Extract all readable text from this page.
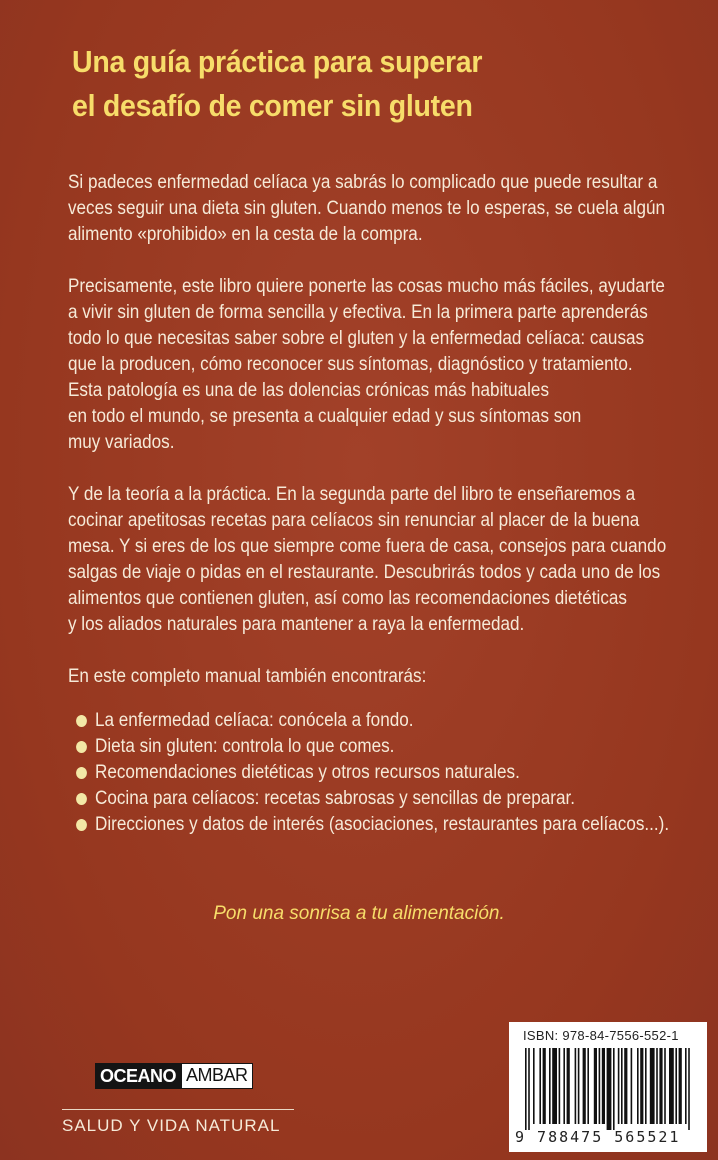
Una guía práctica para superar
el desafío de comer sin gluten

Si padeces enfermedad celíaca ya sabrás lo complicado que puede resultar a
veces seguir una dieta sin gluten. Cuando menos te lo esperas, se cuela algún
alimento «prohibido» en la cesta de la compra.

Precisamente, este libro quiere ponerte las cosas mucho más fáciles, ayudarte
a vivir sin gluten de forma sencilla y efectiva. En la primera parte aprenderás
todo lo que necesitas saber sobre el gluten y la enfermedad celíaca: causas
que la producen, cómo reconocer sus síntomas, diagnóstico y tratamiento.
Esta patología es una de las dolencias crónicas más habituales
en todo el mundo, se presenta a cualquier edad y sus síntomas son
muy variados.

Y de la teoría a la práctica. En la segunda parte del libro te enseñaremos a
cocinar apetitosas recetas para celíacos sin renunciar al placer de la buena
mesa. Y si eres de los que siempre come fuera de casa, consejos para cuando
salgas de viaje o pidas en el restaurante. Descubrirás todos y cada uno de los
alimentos que contienen gluten, así como las recomendaciones dietéticas
y los aliados naturales para mantener a raya la enfermedad.

En este completo manual también encontrarás:

La enfermedad celíaca: conócela a fondo.
Dieta sin gluten: controla lo que comes.
Recomendaciones dietéticas y otros recursos naturales.
Cocina para celíacos: recetas sabrosas y sencillas de preparar.
Direcciones y datos de interés (asociaciones, restaurantes para celíacos...).
Pon una sonrisa a tu alimentación.
OCEANO AMBAR
SALUD Y VIDA NATURAL
ISBN: 978-84-7556-552-1
9 788475 565521
